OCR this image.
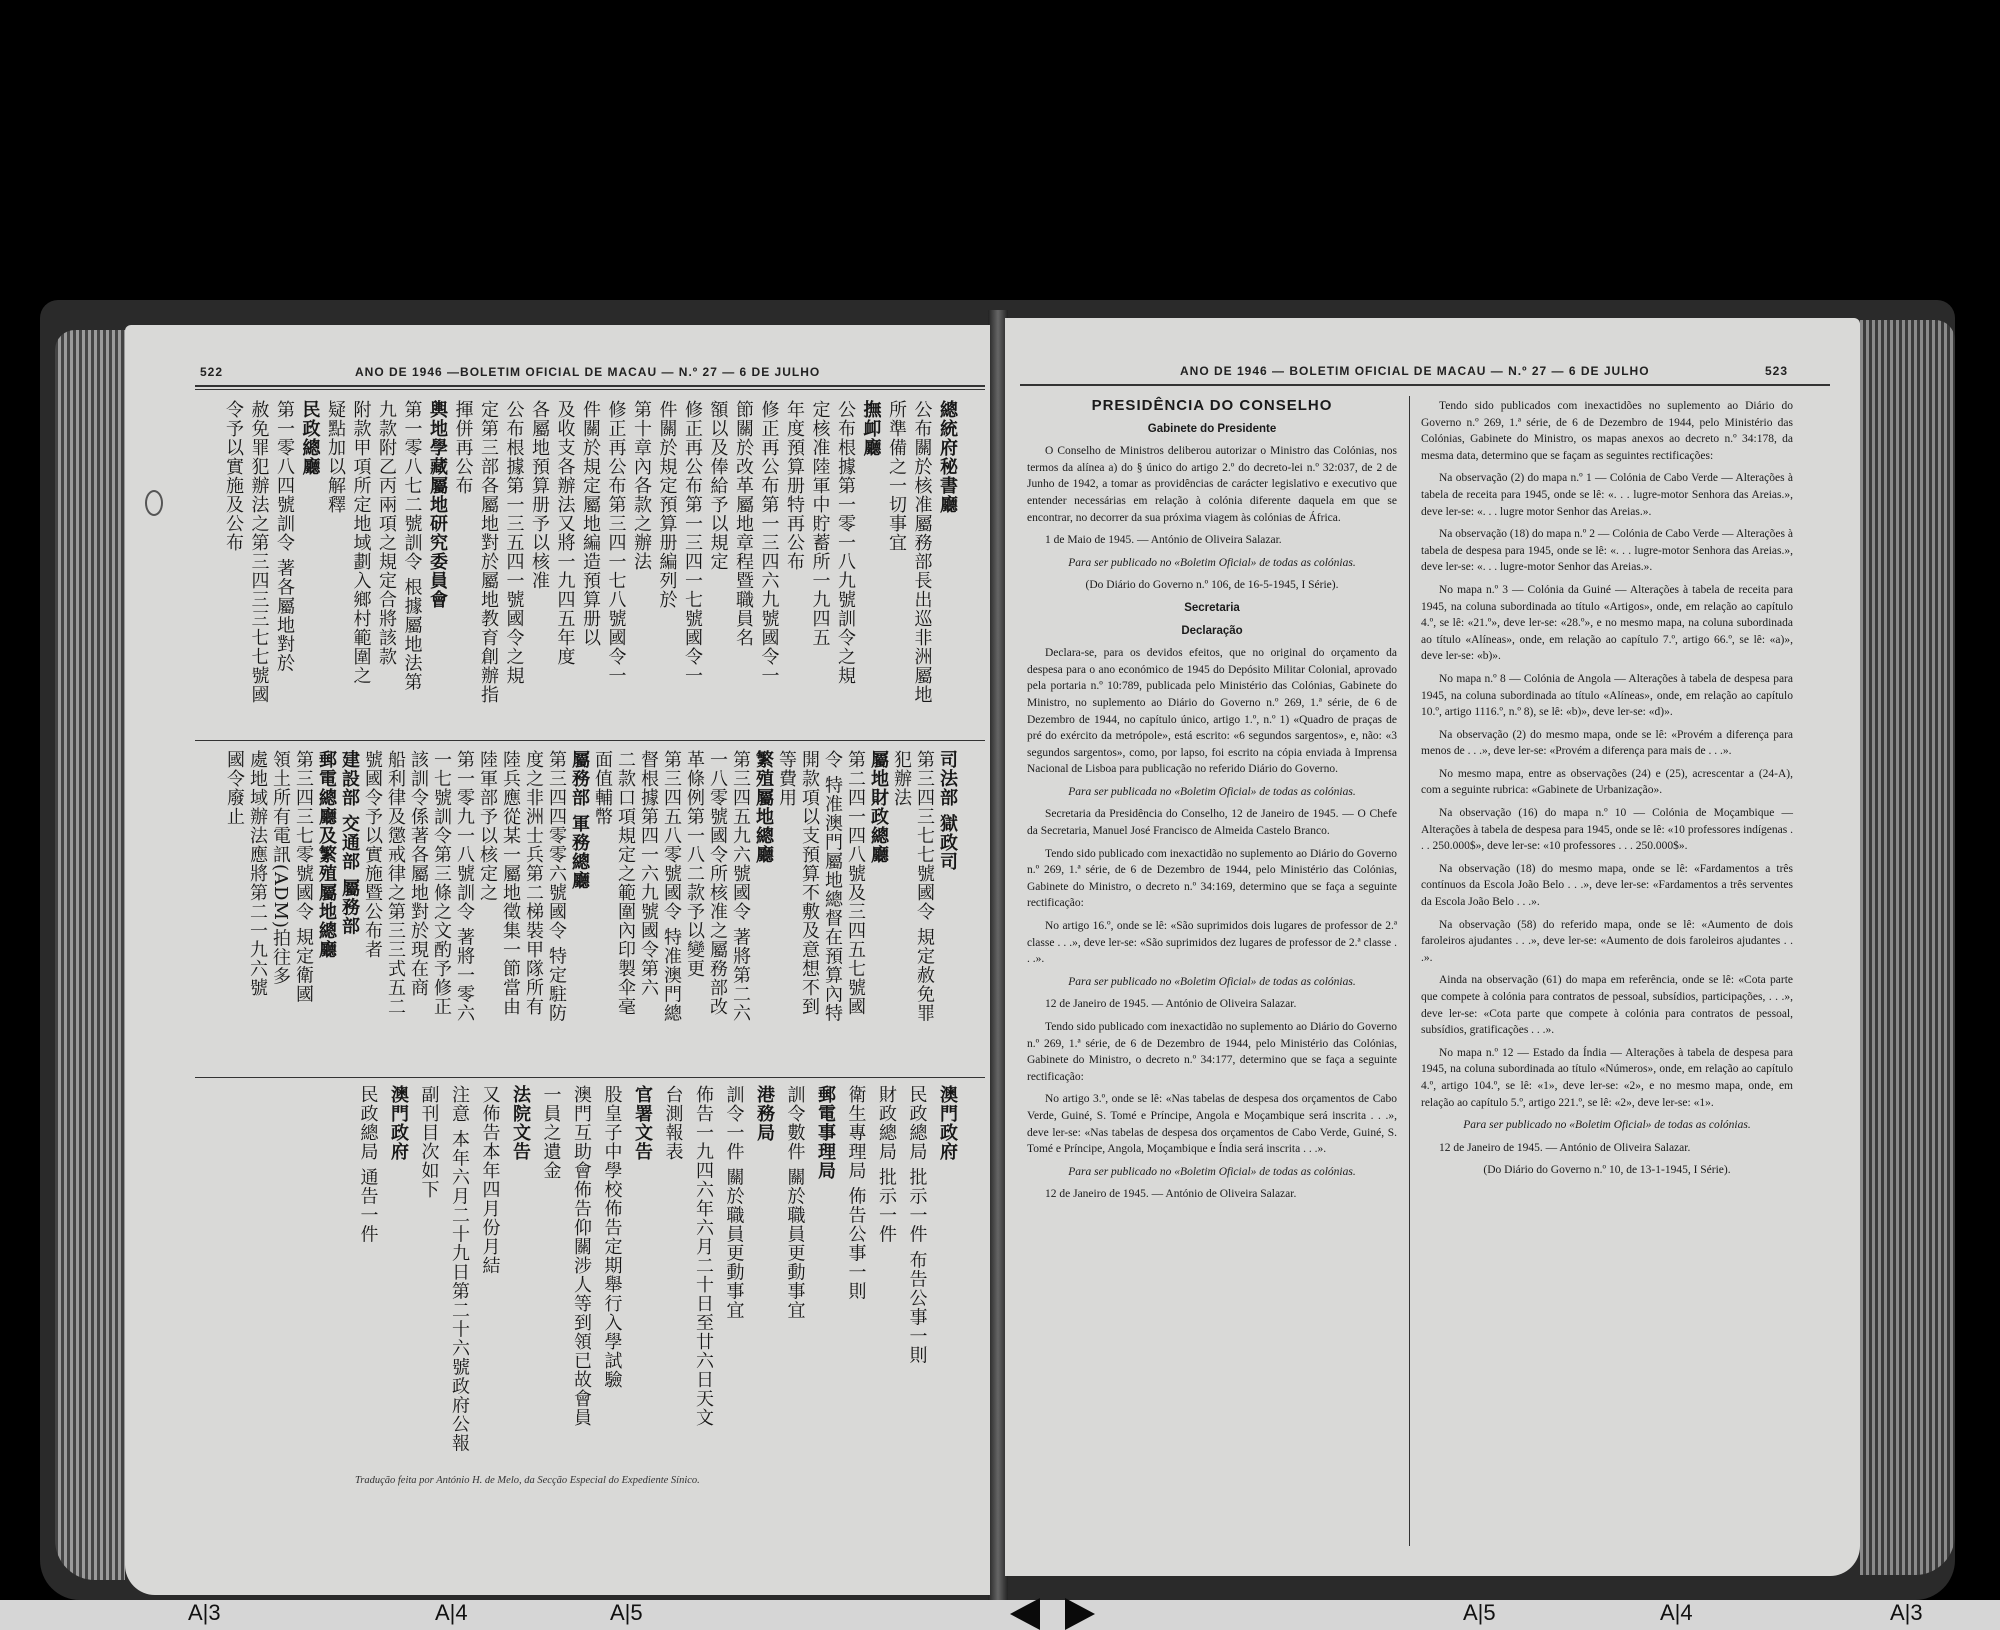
522	ANO DE 1946 —BOLETIM OFICIAL DE MACAU — N.º 27 — 6 DE JULHO
總統府秘書廳
公布關於核准屬務部長出巡非洲屬地
所準備之一切事宜
撫卹廳
公布根據第一零一八九號訓令之規
定核准陸軍中貯蓄所一九四五
年度預算册特再公布
修正再公布第一三四六九號國令一
節關於改革屬地章程暨職員名
額以及俸給予以規定
修正再公布第一三四一七號國令一
件關於規定預算册編列於
第十章內各款之辦法
修正再公布第三四一七八號國令一
件關於規定屬地編造預算册以
及收支各辦法又將一九四五年度
各屬地預算册予以核准
公布根據第一三五四一號國令之規
定第三部各屬地對於屬地教育創辦指
揮併再公布
輿地學藏屬地研究委員會
第一零八七二號訓令 根據屬地法第
九款附乙丙兩項之規定合將該款
附款甲項所定地域劃入鄉村範圍之
疑點加以解釋
民政總廳
第一零八四號訓令 著各屬地對於
赦免罪犯辦法之第三四三三七七號國
令予以實施及公布
司法部 獄政司
第三四三七七號國令 規定赦免罪
犯辦法
屬地財政總廳
第二四一四八號及三四五七號國
令 特准澳門屬地總督在預算內特
開款項以支預算不敷及意想不到
等費用
繁殖屬地總廳
第三四五九六號國令 著將第二六
一八零號國令所核准之屬務部改
革條例第一八二款予以變更
第三四五八零號國令 特准澳門總
督根據第四一六九號國令第六
二款口項規定之範圍內印製伞毫
面值輔幣
屬務部 軍務總廳
第三四四零零六號國令 特定駐防
度之非洲士兵第二梯裝甲隊所有
陸兵應從某一屬地徵集一節當由
陸軍部予以核定之
第一零九一八號訓令 著將一零六
一七號訓令第三條之文酌予修正
該訓令係著各屬地對於現在商
船利律及懲戒律之第三三式五二
號國令予以實施暨公布者
建設部 交通部 屬務部
郵電總廳及繁殖屬地總廳
第三四三七零號國令 規定衛國
領土所有電訊(ADM)拍往多
處地域辦法應將第二一九六號
國令廢止
澳門政府
民政總局 批示一件 布告公事一則
財政總局 批示一件
衛生專理局 佈告公事一則
郵電事理局
訓令數件 關於職員更動事宜
港務局
訓令一件 關於職員更動事宜
佈告一九四六年六月二十日至廿六日天文
台測報表
官署文告
股皇子中學校佈告定期舉行入學試驗
澳門互助會佈告仰關涉人等到領已故會員
一員之遺金
法院文告
又佈告本年四月份月結
注意 本年六月二十九日第二十六號政府公報
副刊目次如下
澳門政府
民政總局 通告一件
Tradução feita por António H. de Melo, da Secção Especial do Expediente Sínico.
ANO DE 1946 — BOLETIM OFICIAL DE MACAU — N.º 27 — 6 DE JULHO	523

PRESIDÊNCIA DO CONSELHO

Gabinete do Presidente

O Conselho de Ministros deliberou autorizar o Ministro das Colónias, nos termos da alínea a) do § único do artigo 2.º do decreto-lei n.º 32:037, de 2 de Junho de 1942, a tomar as providências de carácter legislativo e executivo que entender necessárias em relação à colónia diferente daquela em que se encontrar, no decorrer da sua próxima viagem às colónias de África.

1 de Maio de 1945. — António de Oliveira Salazar.

Para ser publicado no «Boletim Oficial» de todas as colónias.

(Do Diário do Governo n.º 106, de 16-5-1945, I Série).

Secretaria

Declaração

Declara-se, para os devidos efeitos, que no original do orçamento da despesa para o ano económico de 1945 do Depósito Militar Colonial, aprovado pela portaria n.º 10:789, publicada pelo Ministério das Colónias, Gabinete do Ministro, no suplemento ao Diário do Governo n.º 269, 1.ª série, de 6 de Dezembro de 1944, no capítulo único, artigo 1.º, n.º 1) «Quadro de praças de pré do exército da metrópole», está escrito: «6 segundos sargentos», e, não: «3 segundos sargentos», como, por lapso, foi escrito na cópia enviada à Imprensa Nacional de Lisboa para publicação no referido Diário do Governo.

Para ser publicada no «Boletim Oficial» de todas as colónias.

Secretaria da Presidência do Conselho, 12 de Janeiro de 1945. — O Chefe da Secretaria, Manuel José Francisco de Almeida Castelo Branco.

Tendo sido publicado com inexactidão no suplemento ao Diário do Governo n.º 269, 1.ª série, de 6 de Dezembro de 1944, pelo Ministério das Colónias, Gabinete do Ministro, o decreto n.º 34:169, determino que se faça a seguinte rectificação:

No artigo 16.º, onde se lê: «São suprimidos dois lugares de professor de 2.ª classe . . .», deve ler-se: «São suprimidos dez lugares de professor de 2.ª classe . . .».

Para ser publicado no «Boletim Oficial» de todas as colónias.

12 de Janeiro de 1945. — António de Oliveira Salazar.

Tendo sido publicado com inexactidão no suplemento ao Diário do Governo n.º 269, 1.ª série, de 6 de Dezembro de 1944, pelo Ministério das Colónias, Gabinete do Ministro, o decreto n.º 34:177, determino que se faça a seguinte rectificação:

No artigo 3.º, onde se lê: «Nas tabelas de despesa dos orçamentos de Cabo Verde, Guiné, S. Tomé e Príncipe, Angola e Moçambique será inscrita . . .», deve ler-se: «Nas tabelas de despesa dos orçamentos de Cabo Verde, Guiné, S. Tomé e Príncipe, Angola, Moçambique e Índia será inscrita . . .».

Para ser publicado no «Boletim Oficial» de todas as colónias.

12 de Janeiro de 1945. — António de Oliveira Salazar.

Tendo sido publicados com inexactidões no suplemento ao Diário do Governo n.º 269, 1.ª série, de 6 de Dezembro de 1944, pelo Ministério das Colónias, Gabinete do Ministro, os mapas anexos ao decreto n.º 34:178, da mesma data, determino que se façam as seguintes rectificações:

Na observação (2) do mapa n.º 1 — Colónia de Cabo Verde — Alterações à tabela de receita para 1945, onde se lê: «. . . lugre-motor Senhora das Areias.», deve ler-se: «. . . lugre motor Senhor das Areias.».

Na observação (18) do mapa n.º 2 — Colónia de Cabo Verde — Alterações à tabela de despesa para 1945, onde se lê: «. . . lugre-motor Senhora das Areias.», deve ler-se: «. . . lugre-motor Senhor das Areias.».

No mapa n.º 3 — Colónia da Guiné — Alterações à tabela de receita para 1945, na coluna subordinada ao título «Artigos», onde, em relação ao capítulo 4.º, se lê: «21.º», deve ler-se: «28.º», e no mesmo mapa, na coluna subordinada ao título «Alíneas», onde, em relação ao capítulo 7.º, artigo 66.º, se lê: «a)», deve ler-se: «b)».

No mapa n.º 8 — Colónia de Angola — Alterações à tabela de despesa para 1945, na coluna subordinada ao título «Alíneas», onde, em relação ao capítulo 10.º, artigo 1116.º, n.º 8), se lê: «b)», deve ler-se: «d)».

Na observação (2) do mesmo mapa, onde se lê: «Provém a diferença para menos de . . .», deve ler-se: «Provém a diferença para mais de . . .».

No mesmo mapa, entre as observações (24) e (25), acrescentar a (24-A), com a seguinte rubrica: «Gabinete de Urbanização».

Na observação (16) do mapa n.º 10 — Colónia de Moçambique — Alterações à tabela de despesa para 1945, onde se lê: «10 professores indígenas . . . 250.000$», deve ler-se: «10 professores . . . 250.000$».

Na observação (18) do mesmo mapa, onde se lê: «Fardamentos a três contínuos da Escola João Belo . . .», deve ler-se: «Fardamentos a três serventes da Escola João Belo . . .».

Na observação (58) do referido mapa, onde se lê: «Aumento de dois faroleiros ajudantes . . .», deve ler-se: «Aumento de dois faroleiros ajudantes . . .».

Ainda na observação (61) do mapa em referência, onde se lê: «Cota parte que compete à colónia para contratos de pessoal, subsídios, participações, . . .», deve ler-se: «Cota parte que compete à colónia para contratos de pessoal, subsídios, gratificações . . .».

No mapa n.º 12 — Estado da Índia — Alterações à tabela de despesa para 1945, na coluna subordinada ao título «Números», onde, em relação ao capítulo 4.º, artigo 104.º, se lê: «1», deve ler-se: «2», e no mesmo mapa, onde, em relação ao capítulo 5.º, artigo 221.º, se lê: «2», deve ler-se: «1».

Para ser publicado no «Boletim Oficial» de todas as colónias.

12 de Janeiro de 1945. — António de Oliveira Salazar.

(Do Diário do Governo n.º 10, de 13-1-1945, I Série).

A|3	A|4	A|5	A|5	A|4	A|3
